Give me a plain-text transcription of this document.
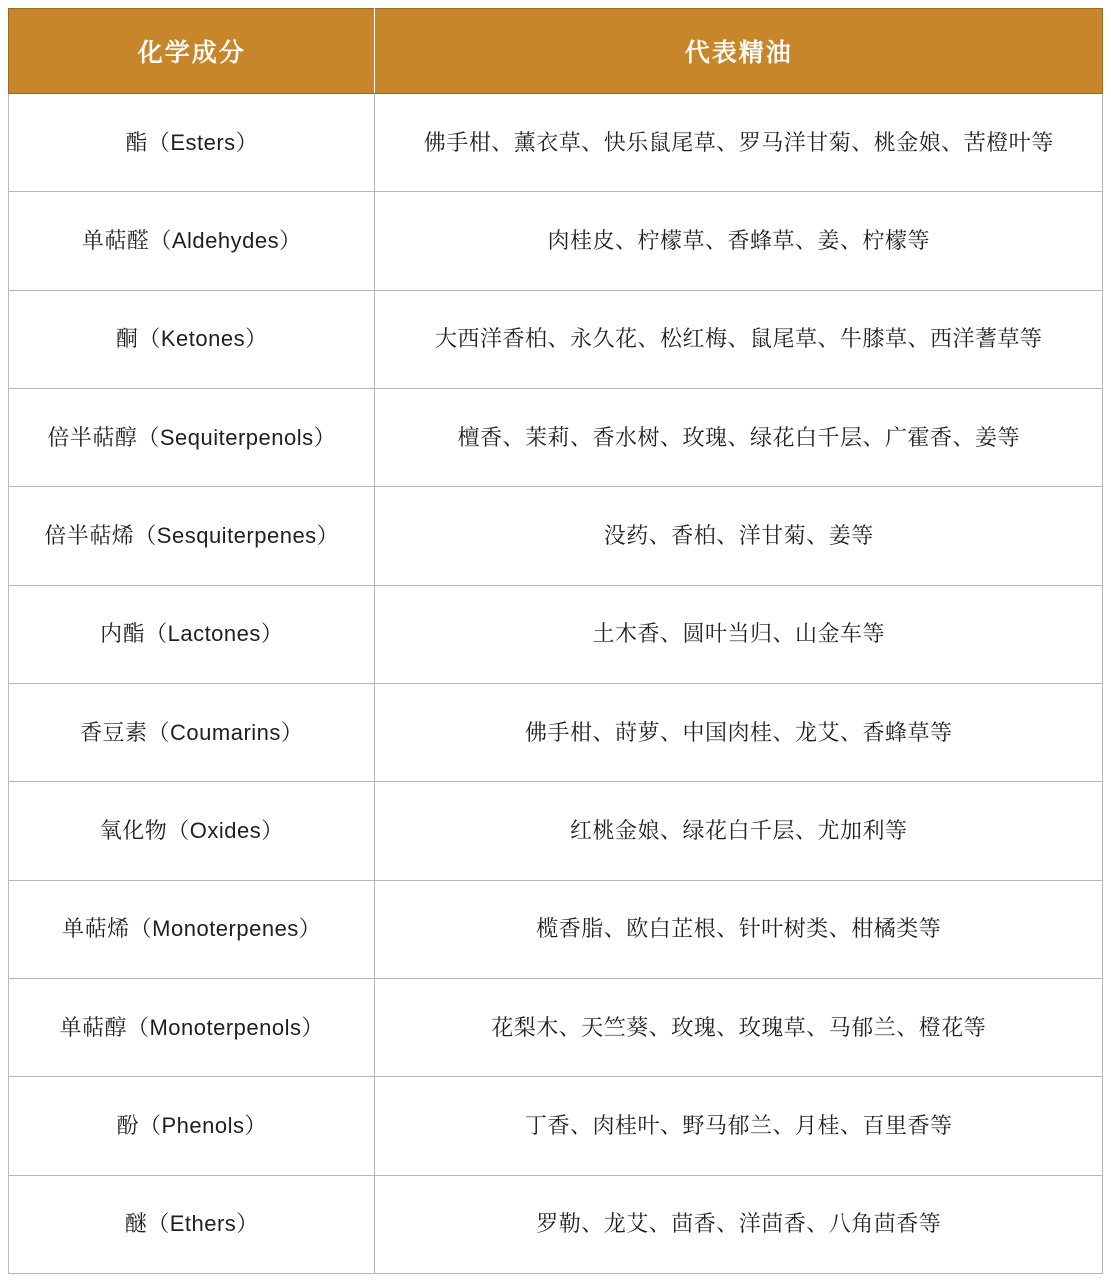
化学成分	代表精油
酯（Esters）	佛手柑、薰衣草、快乐鼠尾草、罗马洋甘菊、桃金娘、苦橙叶等
单萜醛（Aldehydes）	肉桂皮、柠檬草、香蜂草、姜、柠檬等
酮（Ketones）	大西洋香柏、永久花、松红梅、鼠尾草、牛膝草、西洋蓍草等
倍半萜醇（Sequiterpenols）	檀香、茉莉、香水树、玫瑰、绿花白千层、广霍香、姜等
倍半萜烯（Sesquiterpenes）	没药、香柏、洋甘菊、姜等
内酯（Lactones）	土木香、圆叶当归、山金车等
香豆素（Coumarins）	佛手柑、莳萝、中国肉桂、龙艾、香蜂草等
氧化物（Oxides）	红桃金娘、绿花白千层、尤加利等
单萜烯（Monoterpenes）	榄香脂、欧白芷根、针叶树类、柑橘类等
单萜醇（Monoterpenols）	花梨木、天竺葵、玫瑰、玫瑰草、马郁兰、橙花等
酚（Phenols）	丁香、肉桂叶、野马郁兰、月桂、百里香等
醚（Ethers）	罗勒、龙艾、茴香、洋茴香、八角茴香等
